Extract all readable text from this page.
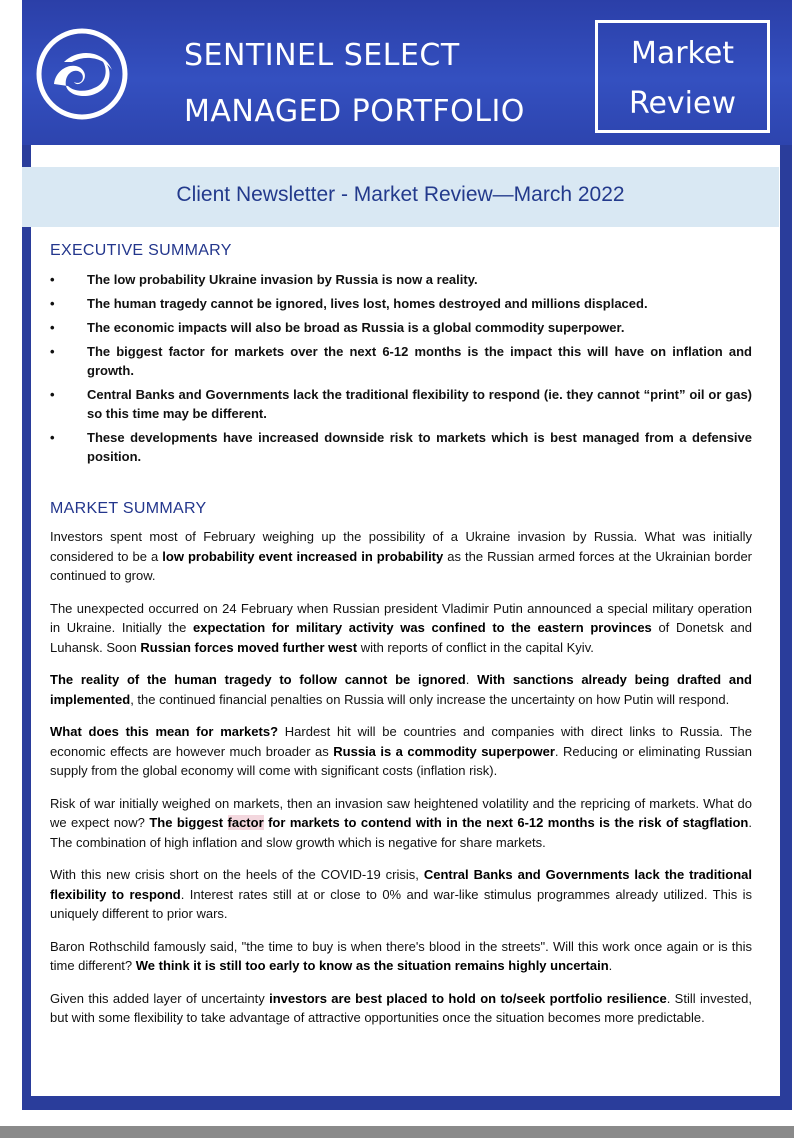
SENTINEL SELECT
MANAGED PORTFOLIO
Market
Review
Client Newsletter - Market Review—March 2022
EXECUTIVE SUMMARY
• The low probability Ukraine invasion by Russia is now a reality.
• The human tragedy cannot be ignored, lives lost, homes destroyed and millions displaced.
• The economic impacts will also be broad as Russia is a global commodity superpower.
• The biggest factor for markets over the next 6-12 months is the impact this will have on inflation and growth.
• Central Banks and Governments lack the traditional flexibility to respond (ie. they cannot “print” oil or gas) so this time may be different.
• These developments have increased downside risk to markets which is best managed from a defensive position.
MARKET SUMMARY

Investors spent most of February weighing up the possibility of a Ukraine invasion by Russia. What was initially considered to be a low probability event increased in probability as the Russian armed forces at the Ukrainian border continued to grow.

The unexpected occurred on 24 February when Russian president Vladimir Putin announced a special military operation in Ukraine. Initially the expectation for military activity was confined to the eastern provinces of Donetsk and Luhansk. Soon Russian forces moved further west with reports of conflict in the capital Kyiv.

The reality of the human tragedy to follow cannot be ignored. With sanctions already being drafted and implemented, the continued financial penalties on Russia will only increase the uncertainty on how Putin will respond.

What does this mean for markets? Hardest hit will be countries and companies with direct links to Russia. The economic effects are however much broader as Russia is a commodity superpower. Reducing or eliminating Russian supply from the global economy will come with significant costs (inflation risk).

Risk of war initially weighed on markets, then an invasion saw heightened volatility and the repricing of markets. What do we expect now? The biggest factor for markets to contend with in the next 6-12 months is the risk of stagflation. The combination of high inflation and slow growth which is negative for share markets.

With this new crisis short on the heels of the COVID-19 crisis, Central Banks and Governments lack the traditional flexibility to respond. Interest rates still at or close to 0% and war-like stimulus programmes already utilized. This is uniquely different to prior wars.

Baron Rothschild famously said, "the time to buy is when there's blood in the streets". Will this work once again or is this time different? We think it is still too early to know as the situation remains highly uncertain.

Given this added layer of uncertainty investors are best placed to hold on to/seek portfolio resilience. Still invested, but with some flexibility to take advantage of attractive opportunities once the situation becomes more predictable.
